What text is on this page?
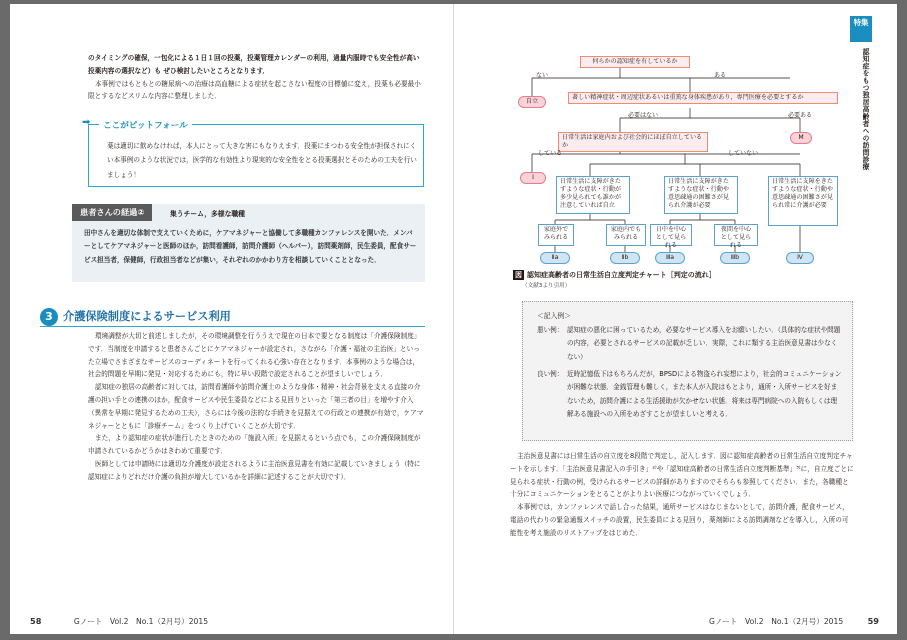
のタイミングの確保，一包化による１日１回の投薬，投薬管理カレンダーの利用，過量内服時でも安全性が高い投薬内容の選択など）も ぜひ検討したいところとなります．

本事例ではもともとの糖尿病への治療は高血糖による症状を起こさない程度の目標値に変え，投薬も必要最小限とするなどスリムな内容に整理しました．

➡	ここがピットフォール
薬は適切に飲めなければ，本人にとって大きな害にもなりえます．投薬にまつわる安全性が担保されにくい本事例のような状況では，医学的な有効性より現実的な安全性をとる投薬選択とそのための工夫を行いましょう！
患者さんの経過②	集うチーム，多様な職種
田中さんを適切な体制で支えていくために，ケアマネジャーと協働して多職種カンファレンスを開いた．メンバーとしてケアマネジャーと医師のほか，訪問看護師，訪問介護師（ヘルパー），訪問薬剤師，民生委員，配食サービス担当者，保健師，行政担当者などが集い，それぞれのかかわり方を相談していくこととなった．
3 介護保険制度によるサービス利用

環境調整が大切と前述しましたが，その環境調整を行ううえで現在の日本で要となる制度は「介護保険制度」です．当制度を申請すると患者さんごとにケアマネジャーが設定され，さながら「介護・福祉の主治医」といった立場でさまざまなサービスのコーディネートを行ってくれる心強い存在となります．本事例のような場合は，社会的問題を早期に発見・対応するためにも，特に早い段階で設定されることが望ましいでしょう．

認知症の独居の高齢者に対しては，訪問看護師や訪問介護士のような身体・精神・社会背景を支える直接の介護の担い手との連携のほか，配食サービスや民生委員などによる見回りといった「第三者の目」を増やす介入（異常を早期に発見するための工夫），さらには今後の法的な手続きを見据えての行政との連携が有効で，ケアマネジャーとともに「診療チーム」をつくり上げていくことが大切です．

また，より認知症の症状が進行したときのための「施設入所」を見据えるという点でも，この介護保険制度が申請されているかどうかはきわめて重要です．

医師としては申請時には適切な介護度が設定されるように主治医意見書を有効に記載していきましょう（特に認知症によりどれだけ介護の負担が増大しているかを詳細に記述することが大切です）．

58	Gノート　Vol.2　No.1（2月号）2015	Gノート　Vol.2　No.1（2月号）2015	59
特集
認知症をもつ独居高齢者への訪問診療
何らかの認知症を有しているか
ない	ある
自立
著しい精神症状・周辺症状あるいは重篤な身体疾患があり，専門医療を必要とするか
必要はない	必要ある
M
日常生活は家庭内および社会的にほぼ自立しているか
している	していない
I
日常生活に支障がきたすような症状・行動が多少見られても誰かが注意していれば自立
日常生活に支障がきたすような症状・行動や意思疎通の困難さが見られ介護が必要
日常生活に支障をきたすような症状・行動や意思疎通の困難さが見られ常に介護が必要
家庭外でみられる
家庭内でもみられる
日中を中心として見られる
夜間を中心として見られる
Ⅱa	Ⅱb	Ⅲa	Ⅲb	Ⅳ
図 認知症高齢者の日常生活自立度判定チャート［判定の流れ］
（文献3より引用）
＜記入例＞
悪い例： 認知症の悪化に困っているため，必要なサービス導入をお願いしたい．（具体的な症状や問題の内容，必要とされるサービスの記載が乏しい．実際，これに類する主治医意見書は少なくない）
良い例： 近時記憶低下はもちろんだが，BPSDによる物盗られ妄想により，社会的コミュニケーションが困難な状態．金銭管理も難しく，また本人が入院はもとより，通所・入所サービスを好まないため，訪問介護による生活援助が欠かせない状態．将来は専門病院への入院もしくは理解ある施設への入所をめざすことが望ましいと考える．

主治医意見書には日常生活の自立度を8段階で判定し，記入します．図に認知症高齢者の日常生活自立度判定チャートを示します．「主治医意見書記入の手引き」²⁾や「認知症高齢者の日常生活自立度判断基準」³⁾に，自立度ごとに見られる症状・行動の例，受けられるサービスの詳細がありますのでそちらも参照してください．また，各職種と十分にコミュニケーションをとることがよりよい医療につながっていくでしょう．

本事例では，カンファレンスで話し合った結果，通所サービスはなじまないとして，訪問介護，配食サービス，電話の代わりの緊急通報スイッチの設置，民生委員による見回り，薬剤師による訪問調剤などを導入し，入所の可能性を考え施設のリストアップをはじめた．
